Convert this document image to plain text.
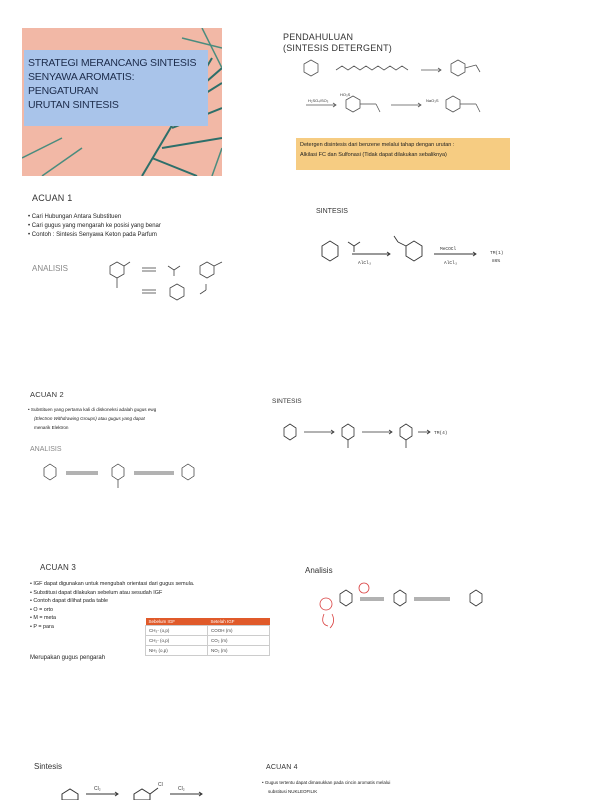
STRATEGI MERANCANG SINTESIS
SENYAWA AROMATIS: PENGATURAN
URUTAN SINTESIS
PENDAHULUAN
(SINTESIS DETERGENT)
H₂SO₄/SO₃
HO₃S
NaO₃S
Detergen disintesis dari benzene melalui tahap dengan urutan :
Alkilasi FC dan Sulfonasi (Tidak dapat dilakukan sebaliknya)
ACUAN 1
• Cari Hubungan Antara Substituen
• Cari gugus yang mengarah ke posisi yang benar
• Contoh : Sintesis Senyawa Keton pada Parfum
ANALISIS
SINTESIS
AlCl₃
MeCOCl
AlCl₃
TM(1)
86%
ACUAN 2
• Substituen yang pertama kali di diskoneksi adalah gugus ewg
(Electron Withdrawing Groups) atau gugus yang dapat
menarik Elektron
ANALISIS
SINTESIS
TM(4)
ACUAN 3
• IGF dapat digunakan untuk mengubah orientasi dari gugus semula.
• Substitusi dapat dilakukan sebelum atau sesudah IGF
• Contoh dapat dilihat pada table
• O = orto
• M = meta
• P = para
Merupakan gugus pengarah
Sebelum IGF	Setelah IGF
CH₃- (o,p)	COOH (m)
CH₂- (o,p)	CO₂ (m)
NH₂ (o,p)	NO₂ (m)
Analisis
Sintesis
Cl₂	Cl₂
Cl
ACUAN 4
• Gugus tertentu dapat dimasukkan pada cincin aromatis melalui
substitusi NUKLEOFILIK
